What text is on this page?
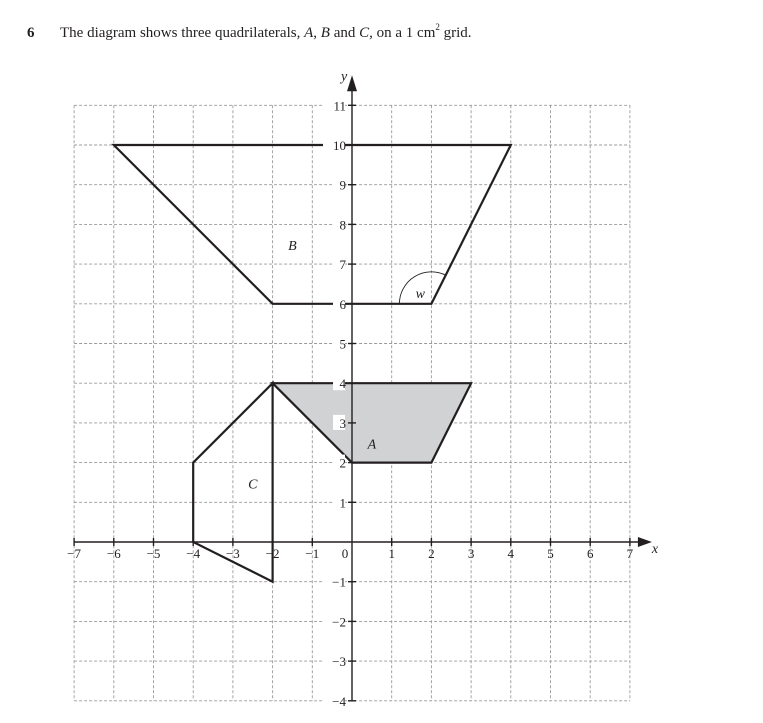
6 The diagram shows three quadrilaterals, A, B and C, on a 1 $cm^2$ grid.
−7 −6 −5 −4 −3 −2 −1 0	1	2	3	4	5	6	7
1
2
3
4
5
6
7
8
9
10
11
−1
−2
−3
−4
x
y
A
B
C
w
